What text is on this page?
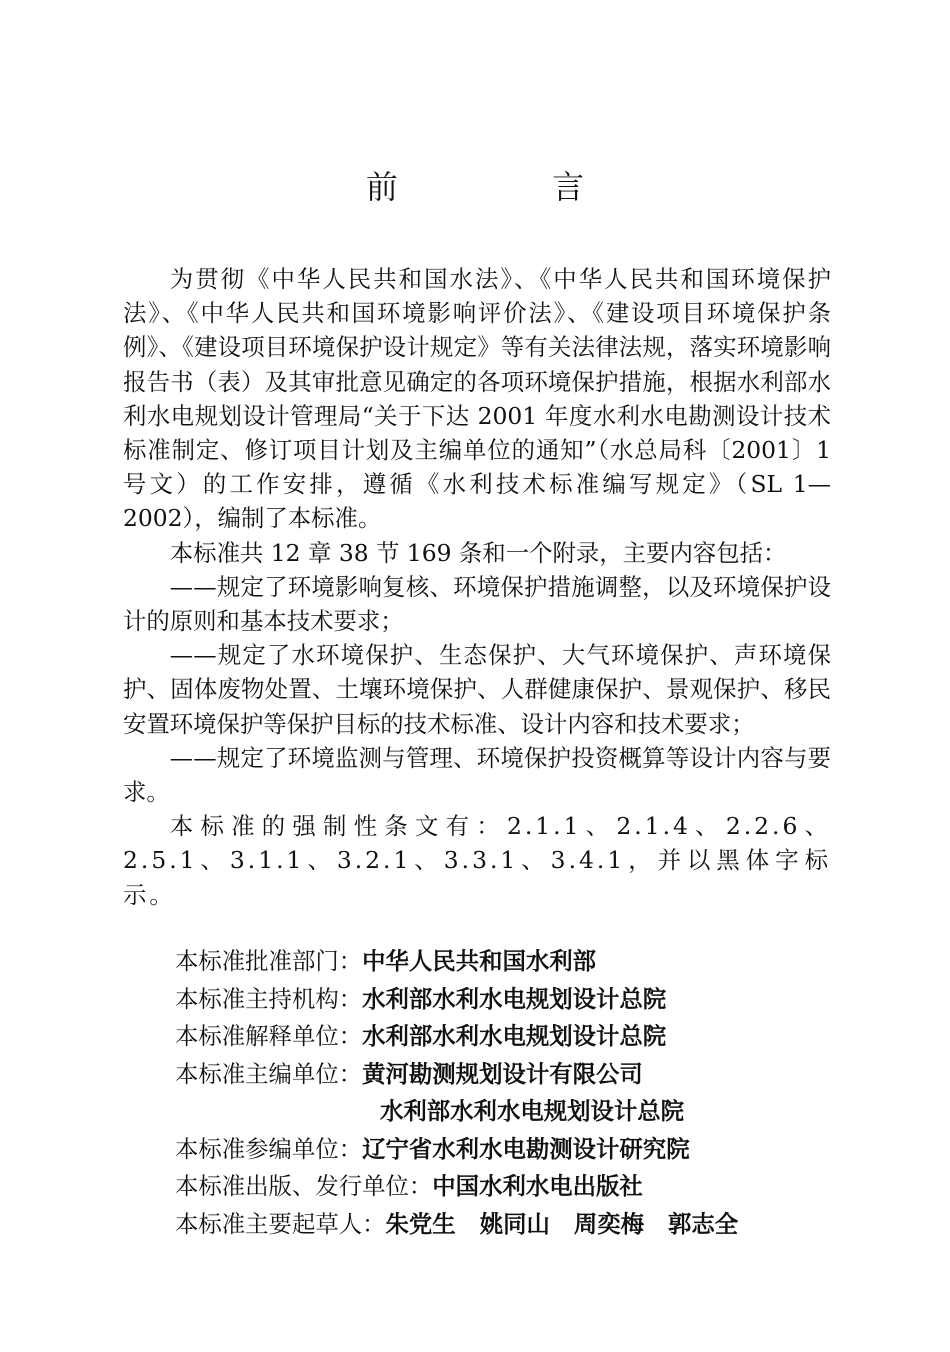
前 言

为贯彻《中华人民共和国水法》、《中华人民共和国环境保护法》、《中华人民共和国环境影响评价法》、《建设项目环境保护条例》、《建设项目环境保护设计规定》等有关法律法规，落实环境影响报告书（表）及其审批意见确定的各项环境保护措施，根据水利部水利水电规划设计管理局“关于下达 2001 年度水利水电勘测设计技术标准制定、修订项目计划及主编单位的通知”（水总局科〔2001〕1 号文）的工作安排，遵循《水利技术标准编写规定》（SL 1—2002），编制了本标准。

本标准共 12 章 38 节 169 条和一个附录，主要内容包括：

——规定了环境影响复核、环境保护措施调整，以及环境保护设计的原则和基本技术要求；

——规定了水环境保护、生态保护、大气环境保护、声环境保护、固体废物处置、土壤环境保护、人群健康保护、景观保护、移民安置环境保护等保护目标的技术标准、设计内容和技术要求；

——规定了环境监测与管理、环境保护投资概算等设计内容与要求。

本标准的强制性条文有：2.1.1、2.1.4、2.2.6、2.5.1、3.1.1、3.2.1、3.3.1、3.4.1，并以黑体字标示。

本标准批准部门：中华人民共和国水利部
本标准主持机构：水利部水利水电规划设计总院
本标准解释单位：水利部水利水电规划设计总院
本标准主编单位：黄河勘测规划设计有限公司
水利部水利水电规划设计总院
本标准参编单位：辽宁省水利水电勘测设计研究院
本标准出版、发行单位：中国水利水电出版社
本标准主要起草人：朱党生 姚同山 周奕梅 郭志全
